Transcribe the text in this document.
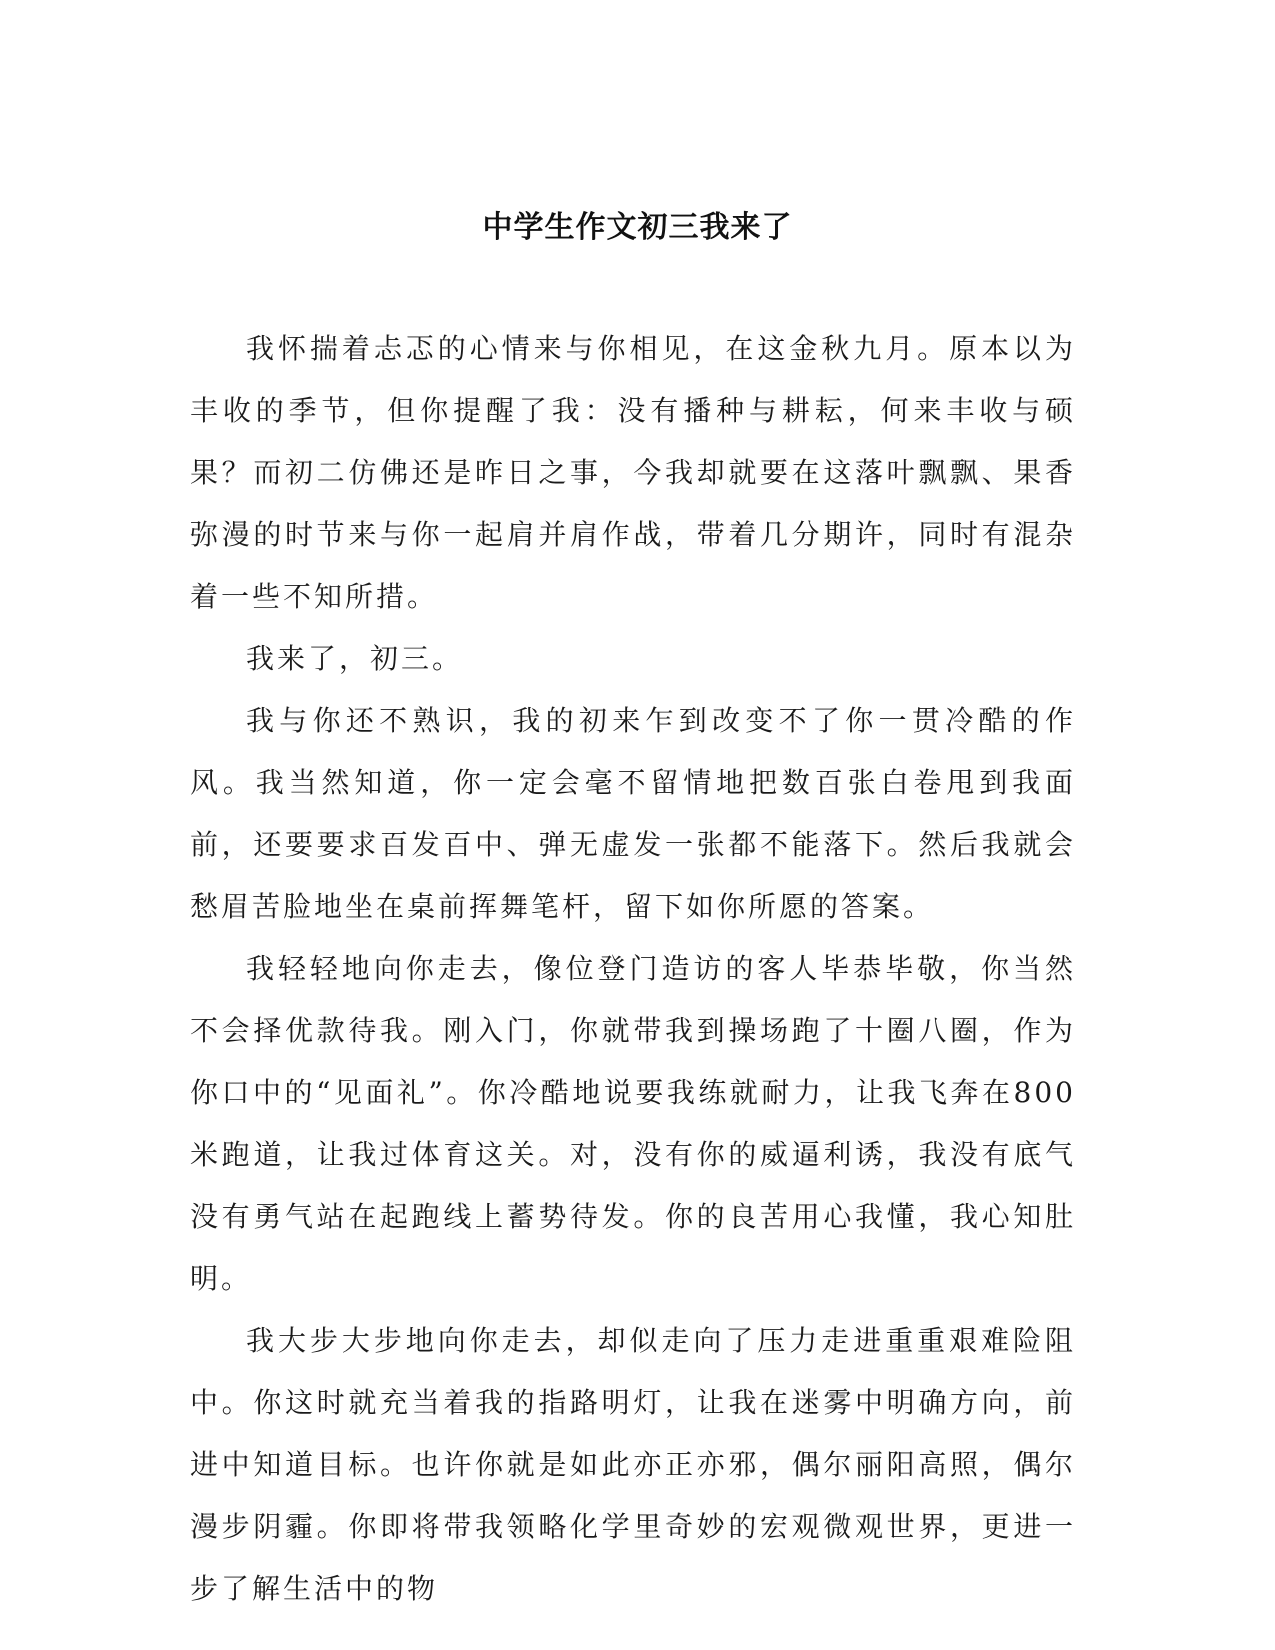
中学生作文初三我来了

我怀揣着忐忑的心情来与你相见，在这金秋九月。原本以为丰收的季节，但你提醒了我：没有播种与耕耘，何来丰收与硕果？而初二仿佛还是昨日之事，今我却就要在这落叶飘飘、果香弥漫的时节来与你一起肩并肩作战，带着几分期许，同时有混杂着一些不知所措。

我来了，初三。

我与你还不熟识，我的初来乍到改变不了你一贯冷酷的作风。我当然知道，你一定会毫不留情地把数百张白卷甩到我面前，还要要求百发百中、弹无虚发一张都不能落下。然后我就会愁眉苦脸地坐在桌前挥舞笔杆，留下如你所愿的答案。

我轻轻地向你走去，像位登门造访的客人毕恭毕敬，你当然不会择优款待我。刚入门，你就带我到操场跑了十圈八圈，作为你口中的“见面礼”。你冷酷地说要我练就耐力，让我飞奔在800米跑道，让我过体育这关。对，没有你的威逼利诱，我没有底气没有勇气站在起跑线上蓄势待发。你的良苦用心我懂，我心知肚明。

我大步大步地向你走去，却似走向了压力走进重重艰难险阻中。你这时就充当着我的指路明灯，让我在迷雾中明确方向，前进中知道目标。也许你就是如此亦正亦邪，偶尔丽阳高照，偶尔漫步阴霾。你即将带我领略化学里奇妙的宏观微观世界，更进一步了解生活中的物
